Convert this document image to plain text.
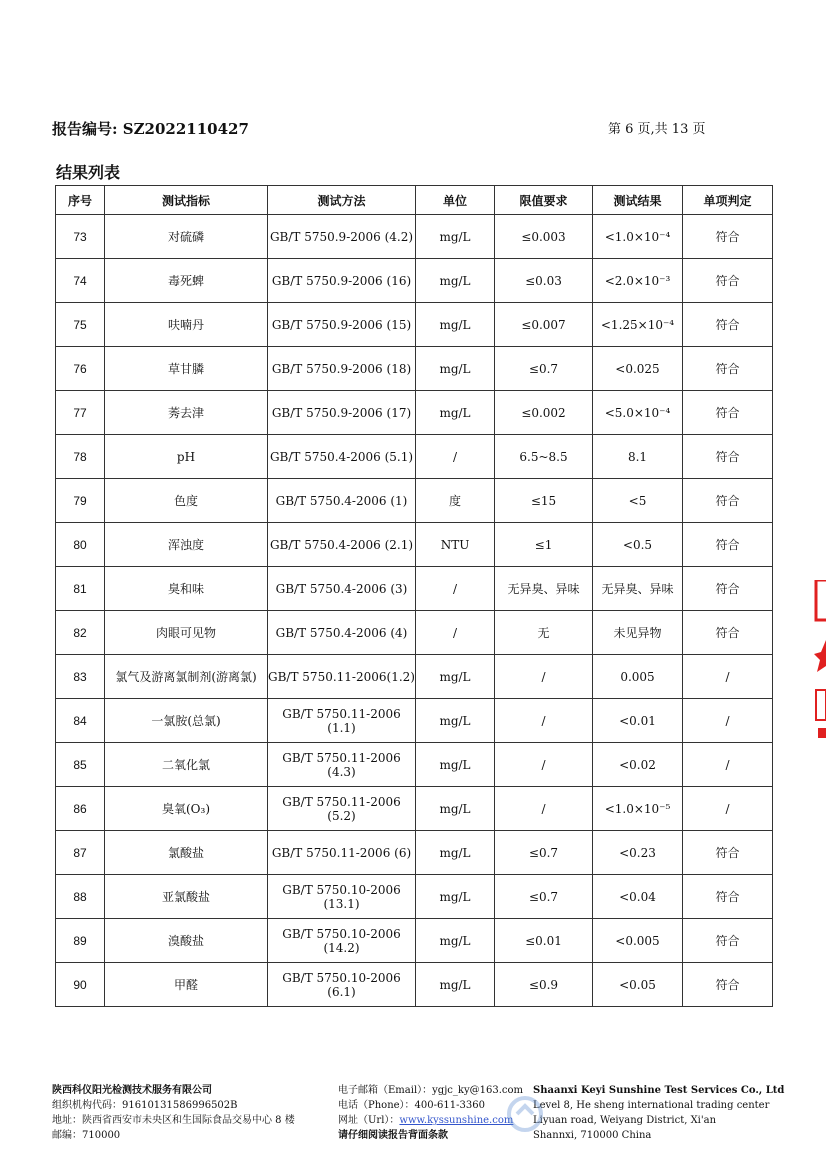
报告编号: SZ2022110427	第 6 页,共 13 页
结果列表
序号	测试指标	测试方法	单位	限值要求	测试结果	单项判定
73	对硫磷	GB/T 5750.9-2006 (4.2)	mg/L	≤0.003	<1.0×10⁻⁴	符合
74	毒死蜱	GB/T 5750.9-2006 (16)	mg/L	≤0.03	<2.0×10⁻³	符合
75	呋喃丹	GB/T 5750.9-2006 (15)	mg/L	≤0.007	<1.25×10⁻⁴	符合
76	草甘膦	GB/T 5750.9-2006 (18)	mg/L	≤0.7	<0.025	符合
77	莠去津	GB/T 5750.9-2006 (17)	mg/L	≤0.002	<5.0×10⁻⁴	符合
78	pH	GB/T 5750.4-2006 (5.1)	/	6.5~8.5	8.1	符合
79	色度	GB/T 5750.4-2006 (1)	度	≤15	<5	符合
80	浑浊度	GB/T 5750.4-2006 (2.1)	NTU	≤1	<0.5	符合
81	臭和味	GB/T 5750.4-2006 (3)	/	无异臭、异味	无异臭、异味	符合
82	肉眼可见物	GB/T 5750.4-2006 (4)	/	无	未见异物	符合
83	氯气及游离氯制剂(游离氯)	GB/T 5750.11-2006(1.2)	mg/L	/	0.005	/
84	一氯胺(总氯)	GB/T 5750.11-2006 (1.1)	mg/L	/	<0.01	/
85	二氧化氯	GB/T 5750.11-2006 (4.3)	mg/L	/	<0.02	/
86	臭氧(O₃)	GB/T 5750.11-2006 (5.2)	mg/L	/	<1.0×10⁻⁵	/
87	氯酸盐	GB/T 5750.11-2006 (6)	mg/L	≤0.7	<0.23	符合
88	亚氯酸盐	GB/T 5750.10-2006 (13.1)	mg/L	≤0.7	<0.04	符合
89	溴酸盐	GB/T 5750.10-2006 (14.2)	mg/L	≤0.01	<0.005	符合
90	甲醛	GB/T 5750.10-2006 (6.1)	mg/L	≤0.9	<0.05	符合
陕西科仪阳光检测技术服务有限公司
组织机构代码：91610131586996502B
地址：陕西省西安市未央区和生国际食品交易中心 8 楼
邮编：710000
电子邮箱（Email）：ygjc_ky@163.com
电话（Phone）：400-611-3360
网址（Url）：www.kyssunshine.com
请仔细阅读报告背面条款
Shaanxi Keyi Sunshine Test Services Co., Ltd
Level 8, He sheng international trading center
Liyuan road, Weiyang District, Xi'an
Shannxi, 710000 China
